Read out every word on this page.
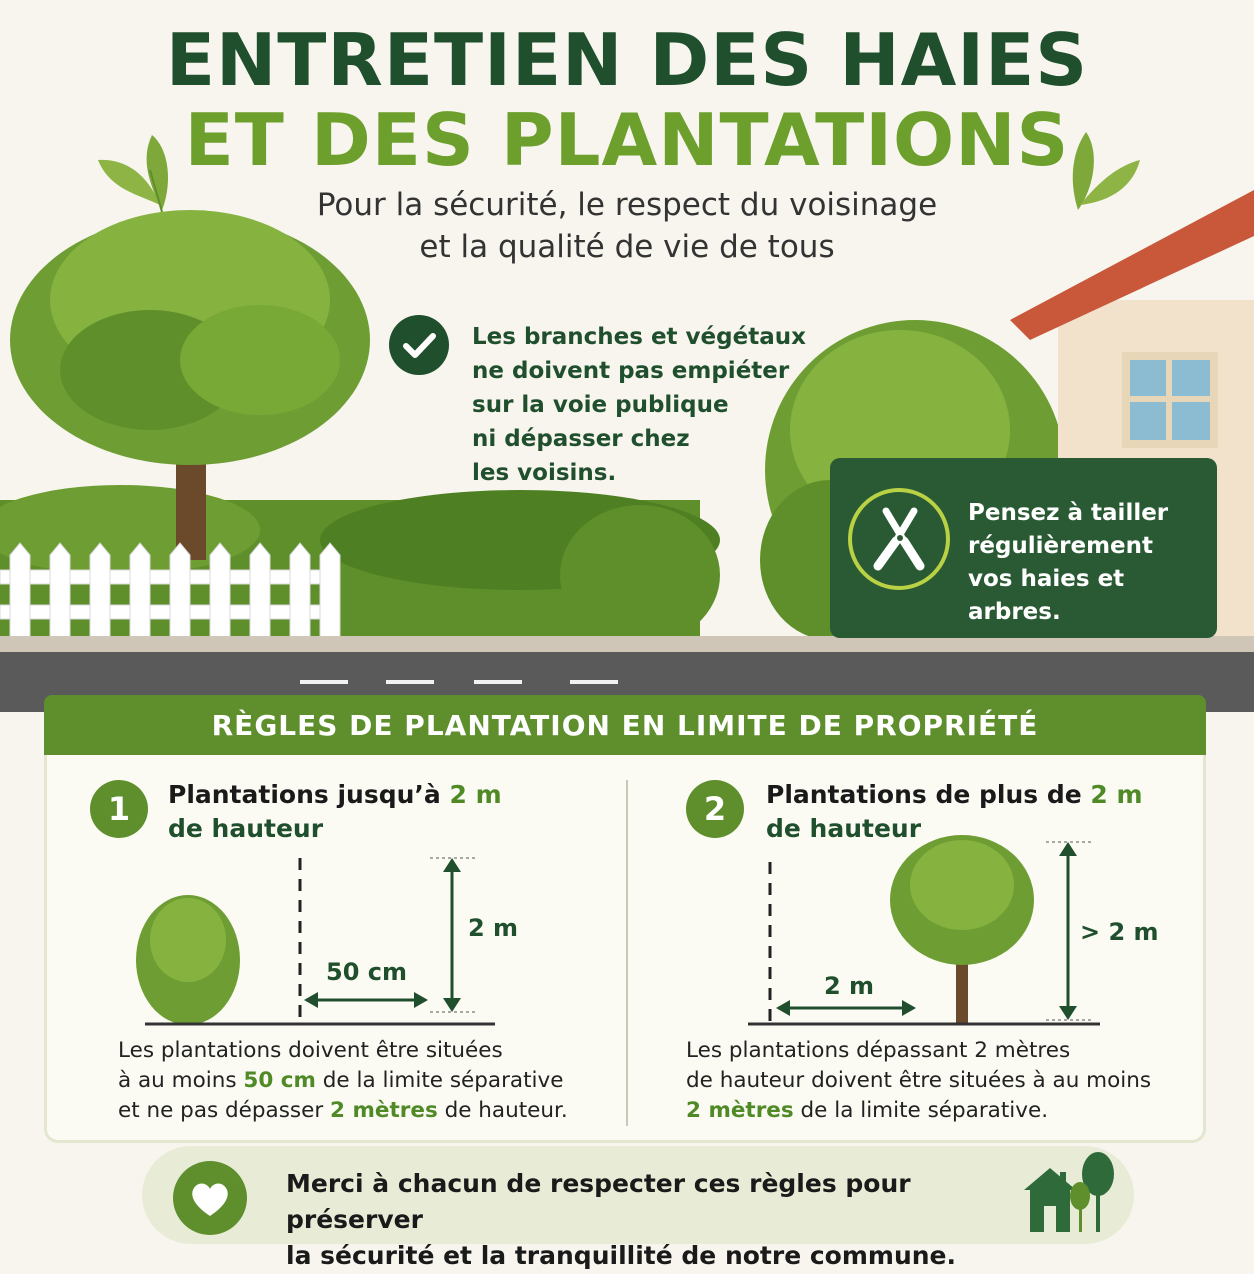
ENTRETIEN DES HAIES
ET DES PLANTATIONS
Pour la sécurité, le respect du voisinage
et la qualité de vie de tous
Les branches et végétaux
ne doivent pas empiéter
sur la voie publique
ni dépasser chez
les voisins.
Pensez à tailler
régulièrement
vos haies et arbres.
RÈGLES DE PLANTATION EN LIMITE DE PROPRIÉTÉ
1	Plantations jusqu’à 2 m
de hauteur
2 m
50 cm
Les plantations doivent être situées
à au moins 50 cm de la limite séparative
et ne pas dépasser 2 mètres de hauteur.
2	Plantations de plus de 2 m
de hauteur
> 2 m
2 m
Les plantations dépassant 2 mètres
de hauteur doivent être situées à au moins
2 mètres de la limite séparative.
Merci à chacun de respecter ces règles pour préserver
la sécurité et la tranquillité de notre commune.
